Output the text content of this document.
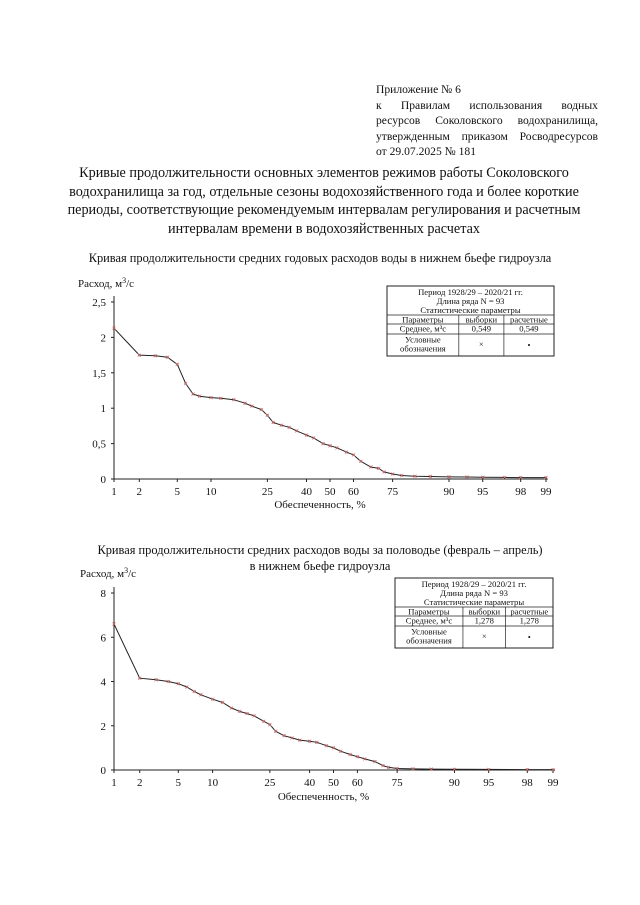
Приложение № 6
к Правилам использования водных
ресурсов Соколовского водохранилища,
утвержденным приказом Росводресурсов
от 29.07.2025 № 181
Кривые продолжительности основных элементов режимов работы Соколовского
водохранилища за год, отдельные сезоны водохозяйственного года и более короткие
периоды, соответствующие рекомендуемым интервалам регулирования и расчетным
интервалам времени в водохозяйственных расчетах
Кривая продолжительности средних годовых расходов воды в нижнем бьефе гидроузла
Кривая продолжительности средних расходов воды за половодье (февраль – апрель)
в нижнем бьефе гидроузла
0
0,5
1
1,5
2
2,5
1 2	5 10	25	40 50 60	75	90 95 98 99
Расход, $м^3/с$
Обеспеченность, %
Период 1928/29 – 2020/21 гг.
Длина ряда N = 93
Статистические параметры
Параметры	выборки расчетные
Среднее, м³с	0,549	0,549
Условные
обозначения	×	•
0
2
4
6
8
1 2	5 10	25	40 50 60	75	90 95	98 99
Расход, $м^3/с$
Обеспеченность, %
Период 1928/29 – 2020/21 гг.
Длина ряда N = 93
Статистические параметры
Параметры выборки расчетные
Среднее, м³с	1,278	1,278
Условные
обозначения	×	•
